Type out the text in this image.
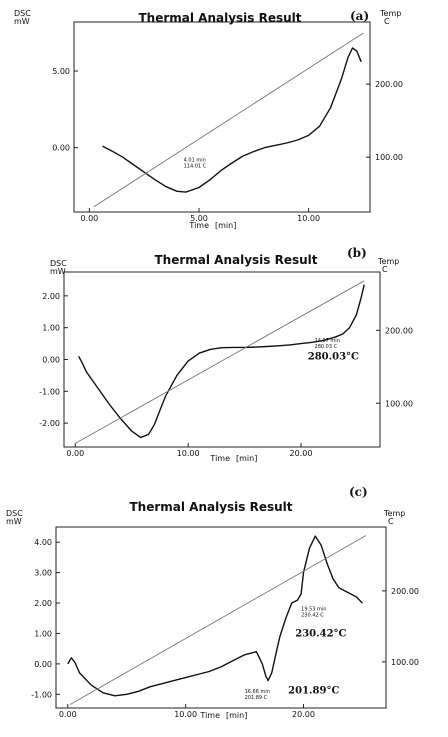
Thermal Analysis Result	(a)
DSC
mW
Temp
C
Time [min]
0.00	5.00	10.00
0.00
5.00
100.00
200.00
4.01 min
114.01 C
Thermal Analysis Result (b)
DSC
mW
Temp
C
Time [min]
0.00	10.00	20.00
2.00
1.00
0.00
-1.00
-2.00
100.00
200.00
24.97 min
280.03 C
280.03°C
Thermal Analysis Result
(c)
DSC
mW
Temp
C
Time [min]
0.00	10.00	20.00
4.00
3.00
2.00
1.00
0.00
-1.00
100.00
200.00
16.66 min
201.89 C
19.53 min
230.42 C
230.42°C
201.89°C
